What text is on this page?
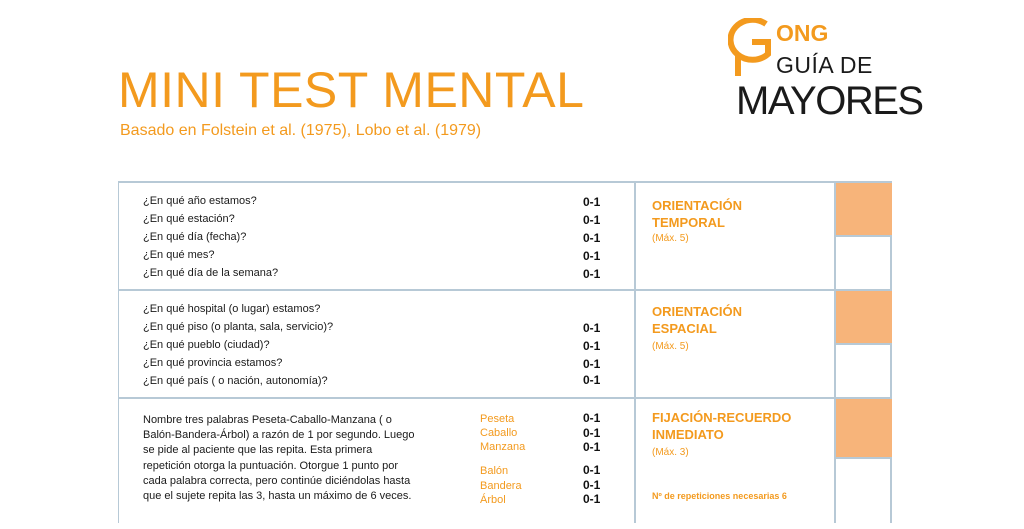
MINI TEST MENTAL
Basado en Folstein et al. (1975), Lobo et al. (1979)
ONG
GUÍA DE
MAYORES
¿En qué año estamos?	0-1
¿En qué estación?	0-1
¿En qué día (fecha)?	0-1
¿En qué mes?	0-1
¿En qué día de la semana?	0-1
ORIENTACIÓN
TEMPORAL
(Máx. 5)
¿En qué hospital (o lugar) estamos?
¿En qué piso (o planta, sala, servicio)?	0-1
¿En qué pueblo (ciudad)?	0-1
¿En qué provincia estamos?	0-1
¿En qué país ( o nación, autonomía)?	0-1
ORIENTACIÓN
ESPACIAL
(Máx. 5)
Nombre tres palabras Peseta-Caballo-Manzana ( o Balón-Bandera-Árbol) a razón de 1 por segundo. Luego se pide al paciente que las repita. Esta primera repetición otorga la puntuación. Otorgue 1 punto por cada palabra correcta, pero continúe diciéndolas hasta que el sujete repita las 3, hasta un máximo de 6 veces.
Peseta	0-1
Caballo	0-1
Manzana	0-1
Balón	0-1
Bandera	0-1
Árbol	0-1
FIJACIÓN-RECUERDO
INMEDIATO
(Máx. 3)
Nº de repeticiones necesarias 6
